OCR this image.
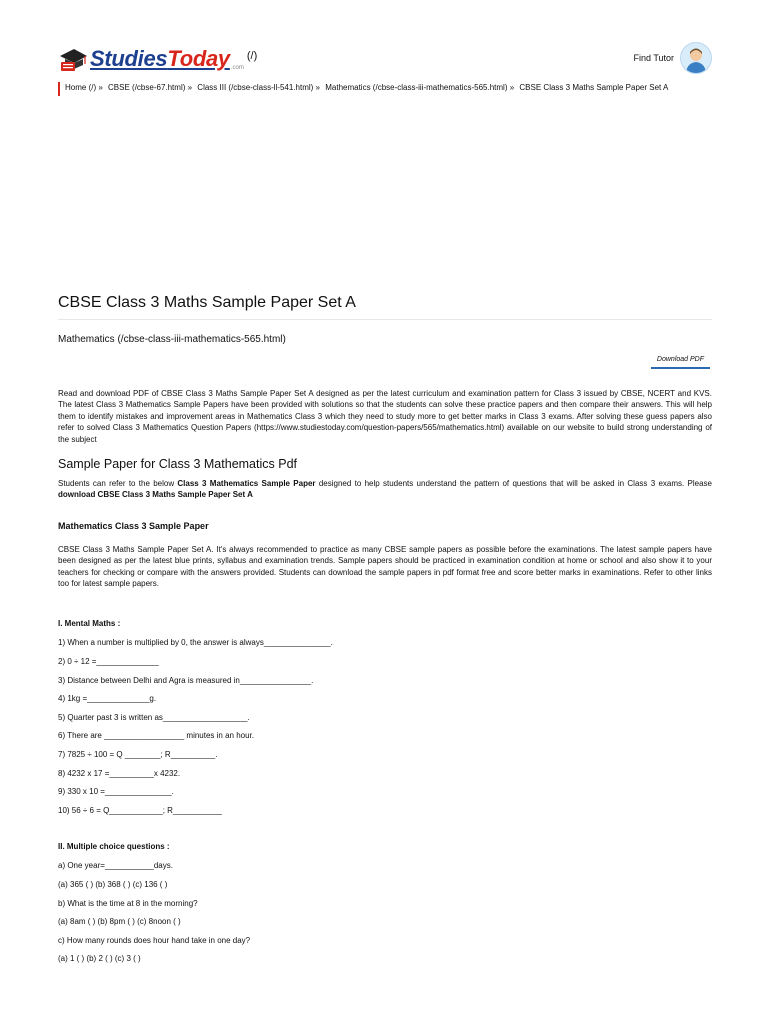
StudiesToday .com
(/)	Find Tutor
Home (/) » CBSE (/cbse-67.html) » Class III (/cbse-class-ll-541.html) » Mathematics (/cbse-class-iii-mathematics-565.html) » CBSE Class 3 Maths Sample Paper Set A
CBSE Class 3 Maths Sample Paper Set A
Mathematics (/cbse-class-iii-mathematics-565.html)
Download PDF

Read and download PDF of CBSE Class 3 Maths Sample Paper Set A designed as per the latest curriculum and examination pattern for Class 3 issued by CBSE, NCERT and KVS. The latest Class 3 Mathematics Sample Papers have been provided with solutions so that the students can solve these practice papers and then compare their answers. This will help them to identify mistakes and improvement areas in Mathematics Class 3 which they need to study more to get better marks in Class 3 exams. After solving these guess papers also refer to solved Class 3 Mathematics Question Papers (https://www.studiestoday.com/question-papers/565/mathematics.html) available on our website to build strong understanding of the subject

Sample Paper for Class 3 Mathematics Pdf

Students can refer to the below Class 3 Mathematics Sample Paper designed to help students understand the pattern of questions that will be asked in Class 3 exams. Please download CBSE Class 3 Maths Sample Paper Set A

Mathematics Class 3 Sample Paper

CBSE Class 3 Maths Sample Paper Set A. It's always recommended to practice as many CBSE sample papers as possible before the examinations. The latest sample papers have been designed as per the latest blue prints, syllabus and examination trends. Sample papers should be practiced in examination condition at home or school and also show it to your teachers for checking or compare with the answers provided. Students can download the sample papers in pdf format free and score better marks in examinations. Refer to other links too for latest sample papers.

I. Mental Maths :
1) When a number is multiplied by 0, the answer is always_______________.
2) 0 ÷ 12 =______________
3) Distance between Delhi and Agra is measured in________________.
4) 1kg =______________g.
5) Quarter past 3 is written as___________________.
6) There are __________________ minutes in an hour.
7) 7825 ÷ 100 = Q ________; R__________.
8) 4232 x 17 =__________x 4232.
9) 330 x 10 =_______________.
10) 56 ÷ 6 = Q____________; R___________
II. Multiple choice questions :
a) One year=___________days.
(a) 365 ( ) (b) 368 ( ) (c) 136 ( )
b) What is the time at 8 in the morning?
(a) 8am ( ) (b) 8pm ( ) (c) 8noon ( )
c) How many rounds does hour hand take in one day?
(a) 1 ( ) (b) 2 ( ) (c) 3 ( )
